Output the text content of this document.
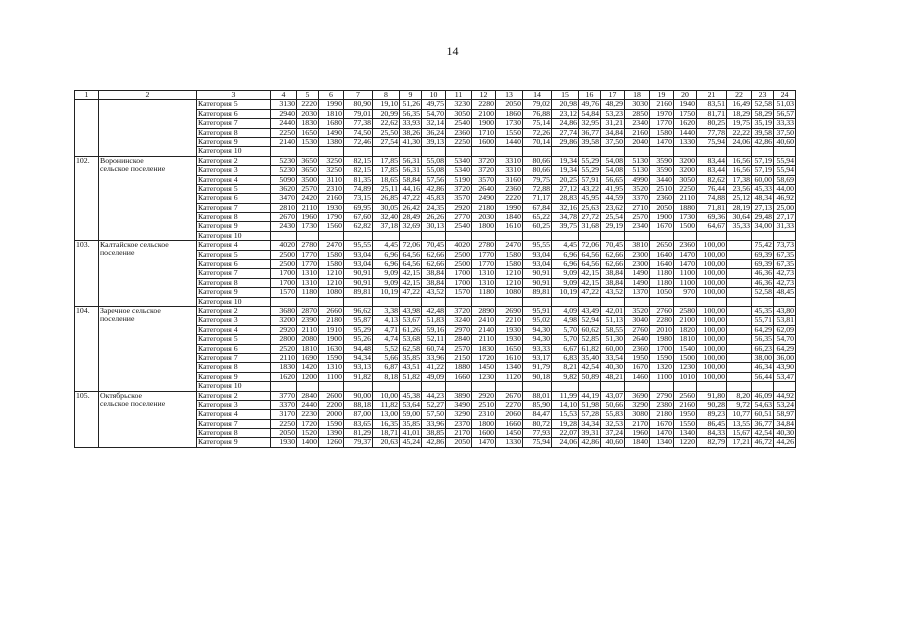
14
1	2	3	4	5	6	7	8	9	10	11	12	13	14	15	16	17	18	19	20	21	22	23	24
		Категория 5	3130	2220	1990	80,90	19,10	51,26	49,75	3230	2280	2050	79,02	20,98	49,76	48,29	3030	2160	1940	83,51	16,49	52,58	51,03
		Категория 6	2940	2030	1810	79,01	20,99	56,35	54,70	3050	2100	1860	76,88	23,12	54,84	53,23	2850	1970	1750	81,71	18,29	58,29	56,57
		Категория 7	2440	1830	1680	77,38	22,62	33,93	32,14	2540	1900	1730	75,14	24,86	32,95	31,21	2340	1770	1620	80,25	19,75	35,19	33,33
		Категория 8	2250	1650	1490	74,50	25,50	38,26	36,24	2360	1710	1550	72,26	27,74	36,77	34,84	2160	1580	1440	77,78	22,22	39,58	37,50
		Категория 9	2140	1530	1380	72,46	27,54	41,30	39,13	2250	1600	1440	70,14	29,86	39,58	37,50	2040	1470	1330	75,94	24,06	42,86	40,60
		Категория 10																					
102.	Воронинское
сельское поселение	Категория 2	5230	3650	3250	82,15	17,85	56,31	55,08	5340	3720	3310	80,66	19,34	55,29	54,08	5130	3590	3200	83,44	16,56	57,19	55,94
		Категория 3	5230	3650	3250	82,15	17,85	56,31	55,08	5340	3720	3310	80,66	19,34	55,29	54,08	5130	3590	3200	83,44	16,56	57,19	55,94
		Категория 4	5090	3500	3110	81,35	18,65	58,84	57,56	5190	3570	3160	79,75	20,25	57,91	56,65	4990	3440	3050	82,62	17,38	60,00	58,69
		Категория 5	3620	2570	2310	74,89	25,11	44,16	42,86	3720	2640	2360	72,88	27,12	43,22	41,95	3520	2510	2250	76,44	23,56	45,33	44,00
		Категория 6	3470	2420	2160	73,15	26,85	47,22	45,83	3570	2490	2220	71,17	28,83	45,95	44,59	3370	2360	2110	74,88	25,12	48,34	46,92
		Категория 7	2810	2110	1930	69,95	30,05	26,42	24,35	2920	2180	1990	67,84	32,16	25,63	23,62	2710	2050	1880	71,81	28,19	27,13	25,00
		Категория 8	2670	1960	1790	67,60	32,40	28,49	26,26	2770	2030	1840	65,22	34,78	27,72	25,54	2570	1900	1730	69,36	30,64	29,48	27,17
		Категория 9	2430	1730	1560	62,82	37,18	32,69	30,13	2540	1800	1610	60,25	39,75	31,68	29,19	2340	1670	1500	64,67	35,33	34,00	31,33
		Категория 10																					
103.	Калтайское сельское
поселение	Категория 4	4020	2780	2470	95,55	4,45	72,06	70,45	4020	2780	2470	95,55	4,45	72,06	70,45	3810	2650	2360	100,00		75,42	73,73
		Категория 5	2500	1770	1580	93,04	6,96	64,56	62,66	2500	1770	1580	93,04	6,96	64,56	62,66	2300	1640	1470	100,00		69,39	67,35
		Категория 6	2500	1770	1580	93,04	6,96	64,56	62,66	2500	1770	1580	93,04	6,96	64,56	62,66	2300	1640	1470	100,00		69,39	67,35
		Категория 7	1700	1310	1210	90,91	9,09	42,15	38,84	1700	1310	1210	90,91	9,09	42,15	38,84	1490	1180	1100	100,00		46,36	42,73
		Категория 8	1700	1310	1210	90,91	9,09	42,15	38,84	1700	1310	1210	90,91	9,09	42,15	38,84	1490	1180	1100	100,00		46,36	42,73
		Категория 9	1570	1180	1080	89,81	10,19	47,22	43,52	1570	1180	1080	89,81	10,19	47,22	43,52	1370	1050	970	100,00		52,58	48,45
		Категория 10																					
104.	Заречное сельское
поселение	Категория 2	3680	2870	2660	96,62	3,38	43,98	42,48	3720	2890	2690	95,91	4,09	43,49	42,01	3520	2760	2580	100,00		45,35	43,80
		Категория 3	3200	2390	2180	95,87	4,13	53,67	51,83	3240	2410	2210	95,02	4,98	52,94	51,13	3040	2280	2100	100,00		55,71	53,81
		Категория 4	2920	2110	1910	95,29	4,71	61,26	59,16	2970	2140	1930	94,30	5,70	60,62	58,55	2760	2010	1820	100,00		64,29	62,09
		Категория 5	2800	2080	1900	95,26	4,74	53,68	52,11	2840	2110	1930	94,30	5,70	52,85	51,30	2640	1980	1810	100,00		56,35	54,70
		Категория 6	2520	1810	1630	94,48	5,52	62,58	60,74	2570	1830	1650	93,33	6,67	61,82	60,00	2360	1700	1540	100,00		66,23	64,29
		Категория 7	2110	1690	1590	94,34	5,66	35,85	33,96	2150	1720	1610	93,17	6,83	35,40	33,54	1950	1590	1500	100,00		38,00	36,00
		Категория 8	1830	1420	1310	93,13	6,87	43,51	41,22	1880	1450	1340	91,79	8,21	42,54	40,30	1670	1320	1230	100,00		46,34	43,90
		Категория 9	1620	1200	1100	91,82	8,18	51,82	49,09	1660	1230	1120	90,18	9,82	50,89	48,21	1460	1100	1010	100,00		56,44	53,47
		Категория 10																					
105.	Октябрьское
сельское поселение	Категория 2	3770	2840	2600	90,00	10,00	45,38	44,23	3890	2920	2670	88,01	11,99	44,19	43,07	3690	2790	2560	91,80	8,20	46,09	44,92
		Категория 3	3370	2440	2200	88,18	11,82	53,64	52,27	3490	2510	2270	85,90	14,10	51,98	50,66	3290	2380	2160	90,28	9,72	54,63	53,24
		Категория 4	3170	2230	2000	87,00	13,00	59,00	57,50	3290	2310	2060	84,47	15,53	57,28	55,83	3080	2180	1950	89,23	10,77	60,51	58,97
		Категория 7	2250	1720	1590	83,65	16,35	35,85	33,96	2370	1800	1660	80,72	19,28	34,34	32,53	2170	1670	1550	86,45	13,55	36,77	34,84
		Категория 8	2050	1520	1390	81,29	18,71	41,01	38,85	2170	1600	1450	77,93	22,07	39,31	37,24	1960	1470	1340	84,33	15,67	42,54	40,30
		Категория 9	1930	1400	1260	79,37	20,63	45,24	42,86	2050	1470	1330	75,94	24,06	42,86	40,60	1840	1340	1220	82,79	17,21	46,72	44,26
